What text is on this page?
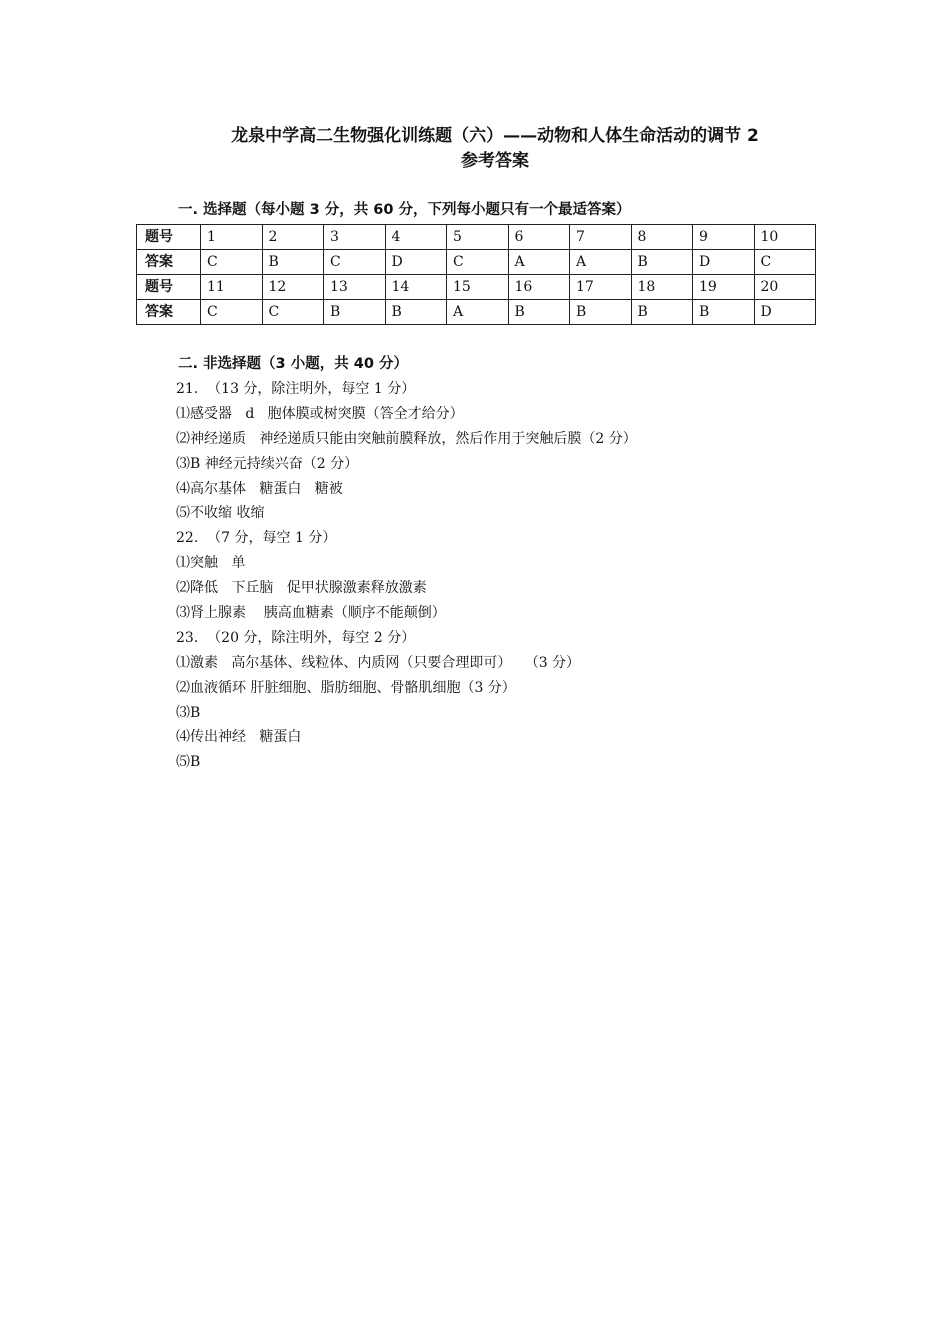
龙泉中学高二生物强化训练题（六）——动物和人体生命活动的调节 2
参考答案
一. 选择题（每小题 3 分，共 60 分，下列每小题只有一个最适答案）
题号	1	2	3	4	5	6	7	8	9	10
答案	C	B	C	D	C	A	A	B	D	C
题号	11	12	13	14	15	16	17	18	19	20
答案	C	C	B	B	A	B	B	B	B	D
二. 非选择题（3 小题，共 40 分）
21.  （13 分，除注明外，每空 1 分）
⑴感受器   d   胞体膜或树突膜（答全才给分）
⑵神经递质   神经递质只能由突触前膜释放，然后作用于突触后膜（2 分）
⑶B 神经元持续兴奋（2 分）
⑷高尔基体   糖蛋白   糖被
⑸不收缩 收缩
22.  （7 分，每空 1 分）
⑴突触   单
⑵降低   下丘脑   促甲状腺激素释放激素
⑶肾上腺素    胰高血糖素（顺序不能颠倒）
23.  （20 分，除注明外，每空 2 分）
⑴激素   高尔基体、线粒体、内质网（只要合理即可）   （3 分）
⑵血液循环 肝脏细胞、脂肪细胞、骨骼肌细胞（3 分）
⑶B
⑷传出神经   糖蛋白
⑸B
